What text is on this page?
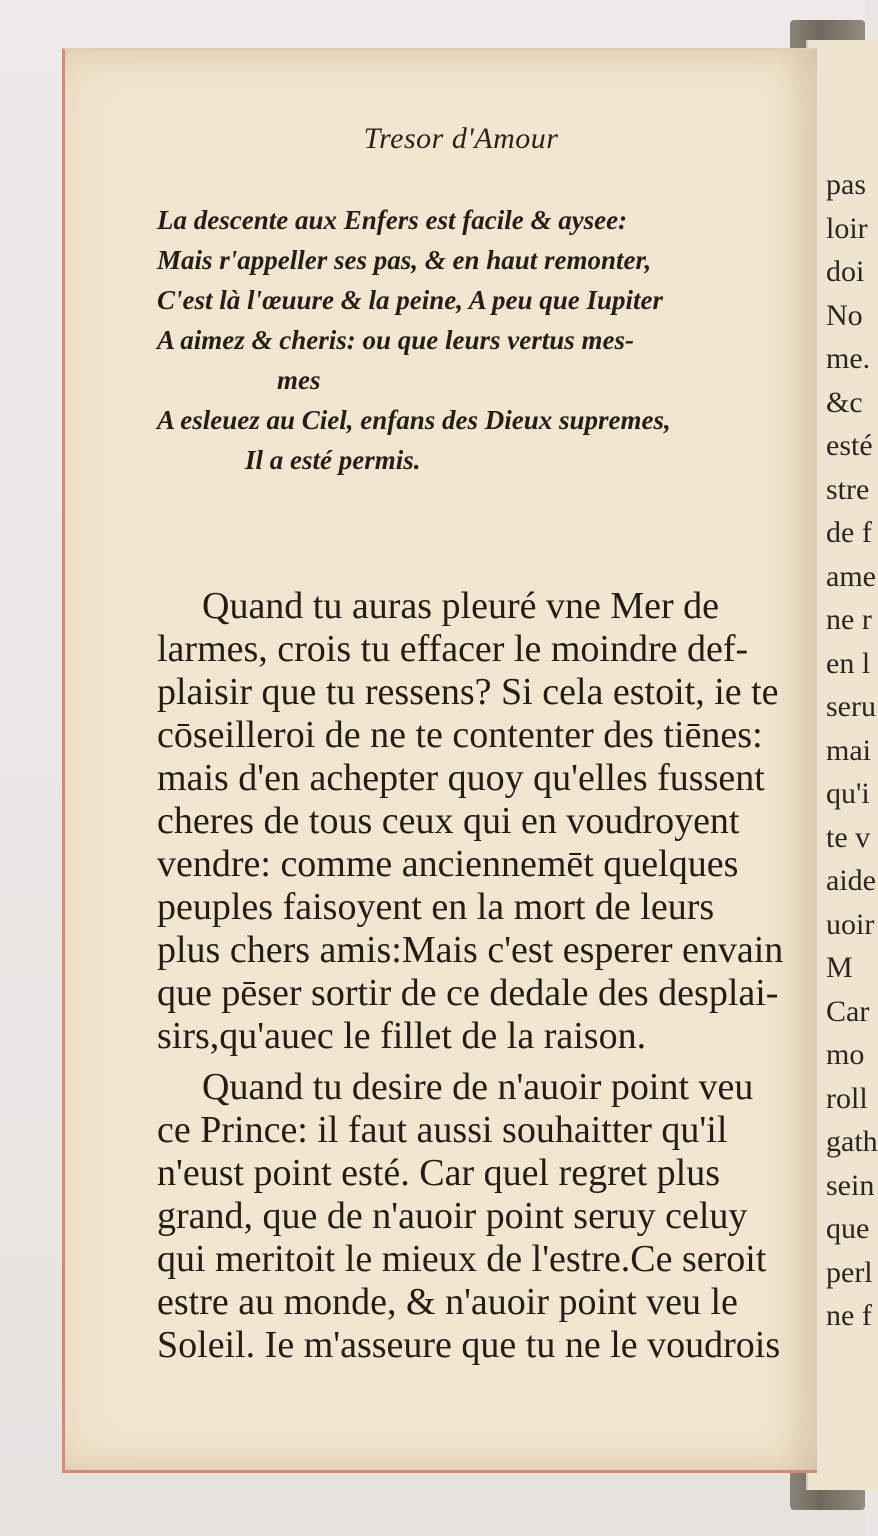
pas
loir
doi
No
me.
&c
esté
stre
de f
ame
ne r
en l
seru
mai
qu'i
te v
aide
uoir
M
Car
mo
roll
gath
sein
que
perl
ne f
Tresor d'Amour
La descente aux Enfers est facile & aysee:
Mais r'appeller ses pas, & en haut remonter,
C'est là l'œuure & la peine, A peu que Iupiter
A aimez & cheris: ou que leurs vertus mes-
mes
A esleuez au Ciel, enfans des Dieux supremes,
Il a esté permis.

Quand tu auras pleuré vne Mer de
larmes, crois tu effacer le moindre def-
plaisir que tu ressens? Si cela estoit, ie te
cōseilleroi de ne te contenter des tiēnes:
mais d'en achepter quoy qu'elles fussent
cheres de tous ceux qui en voudroyent
vendre: comme anciennemēt quelques
peuples faisoyent en la mort de leurs
plus chers amis:Mais c'est esperer envain
que pēser sortir de ce dedale des desplai-
sirs,qu'auec le fillet de la raison.

Quand tu desire de n'auoir point veu
ce Prince: il faut aussi souhaitter qu'il
n'eust point esté. Car quel regret plus
grand, que de n'auoir point seruy celuy
qui meritoit le mieux de l'estre.Ce seroit
estre au monde, & n'auoir point veu le
Soleil. Ie m'asseure que tu ne le voudrois
